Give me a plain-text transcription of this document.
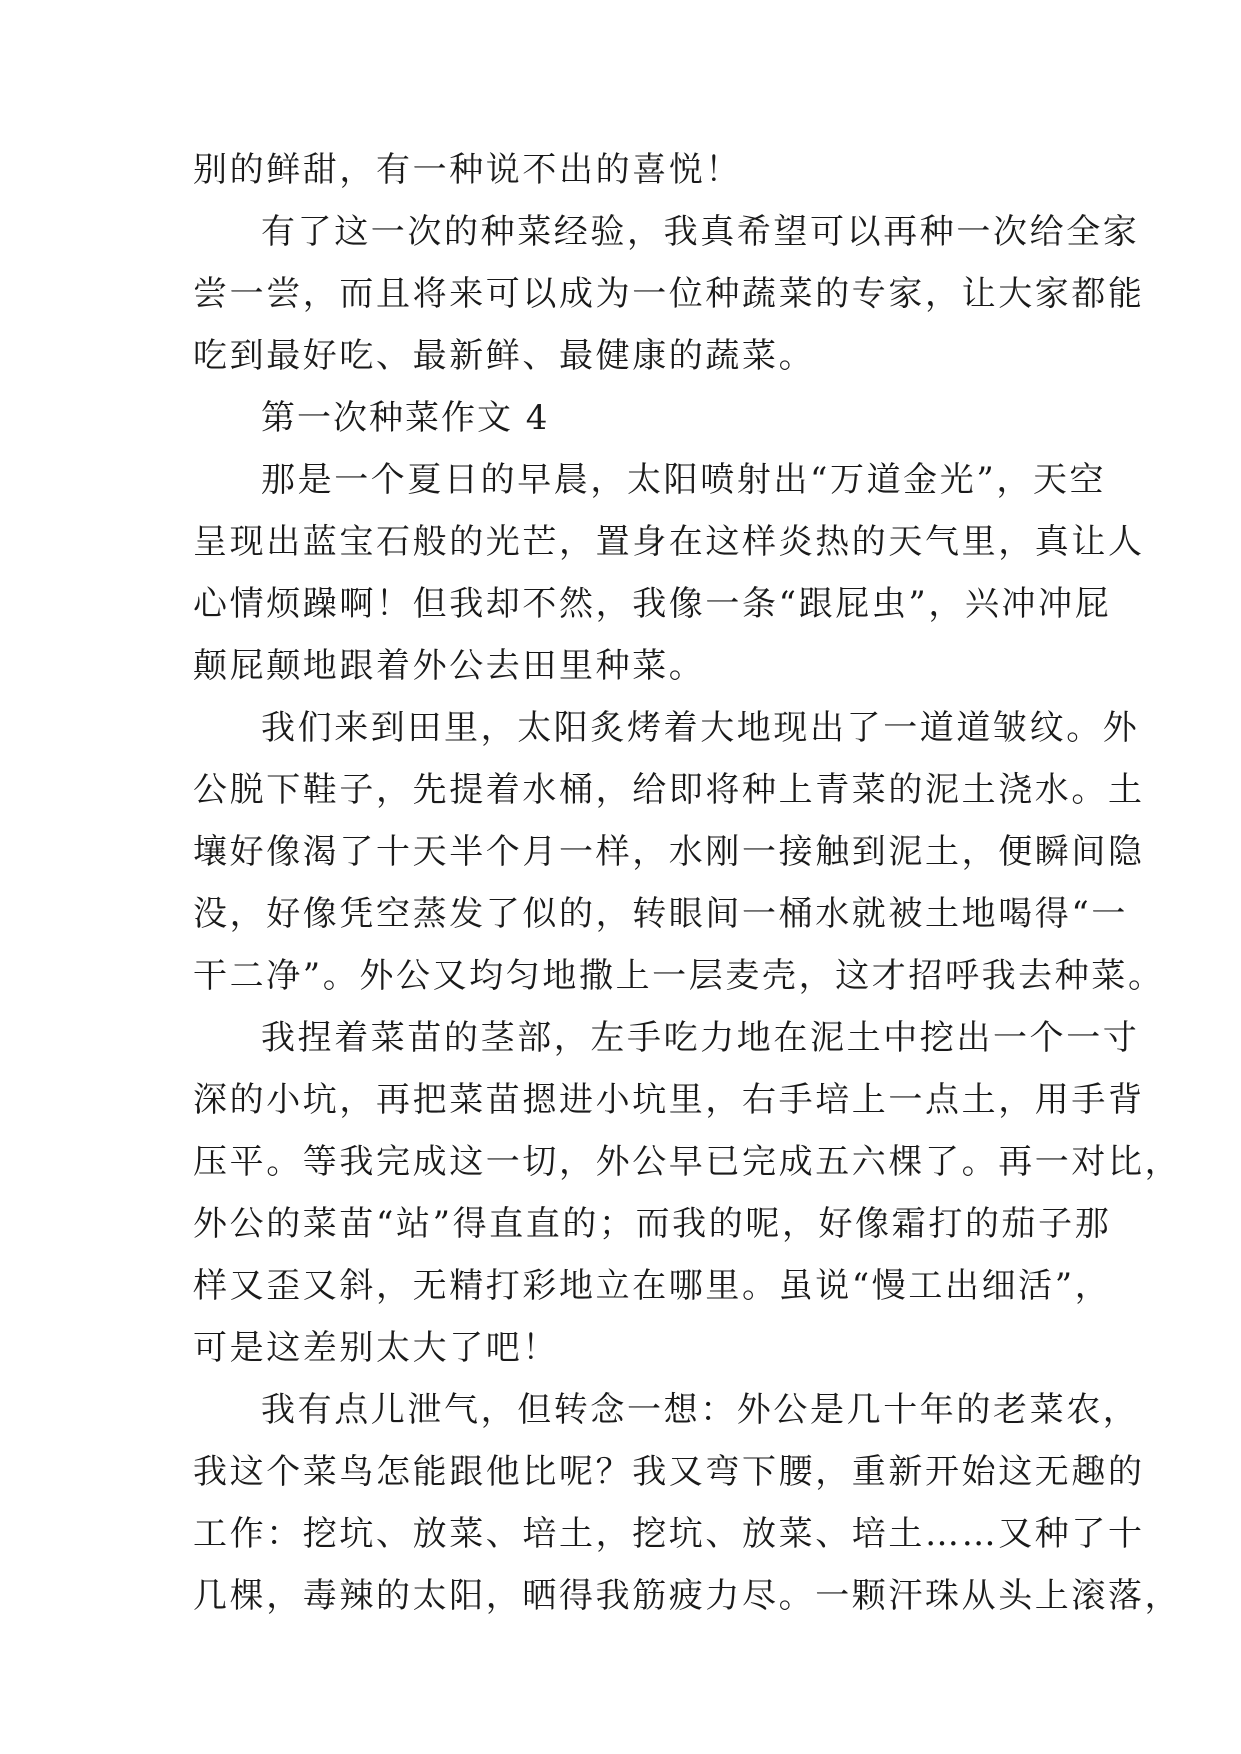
别的鲜甜，有一种说不出的喜悦！
有了这一次的种菜经验，我真希望可以再种一次给全家
尝一尝，而且将来可以成为一位种蔬菜的专家，让大家都能
吃到最好吃、最新鲜、最健康的蔬菜。
第一次种菜作文 4
那是一个夏日的早晨，太阳喷射出“万道金光”，天空
呈现出蓝宝石般的光芒，置身在这样炎热的天气里，真让人
心情烦躁啊！但我却不然，我像一条“跟屁虫”，兴冲冲屁
颠屁颠地跟着外公去田里种菜。
我们来到田里，太阳炙烤着大地现出了一道道皱纹。外
公脱下鞋子，先提着水桶，给即将种上青菜的泥土浇水。土
壤好像渴了十天半个月一样，水刚一接触到泥土，便瞬间隐
没，好像凭空蒸发了似的，转眼间一桶水就被土地喝得“一
干二净”。外公又均匀地撒上一层麦壳，这才招呼我去种菜。
我捏着菜苗的茎部，左手吃力地在泥土中挖出一个一寸
深的小坑，再把菜苗摁进小坑里，右手培上一点土，用手背
压平。等我完成这一切，外公早已完成五六棵了。再一对比，
外公的菜苗“站”得直直的；而我的呢，好像霜打的茄子那
样又歪又斜，无精打彩地立在哪里。虽说“慢工出细活”，
可是这差别太大了吧！
我有点儿泄气，但转念一想：外公是几十年的老菜农，
我这个菜鸟怎能跟他比呢？我又弯下腰，重新开始这无趣的
工作：挖坑、放菜、培土，挖坑、放菜、培土……又种了十
几棵，毒辣的太阳，晒得我筋疲力尽。一颗汗珠从头上滚落，
